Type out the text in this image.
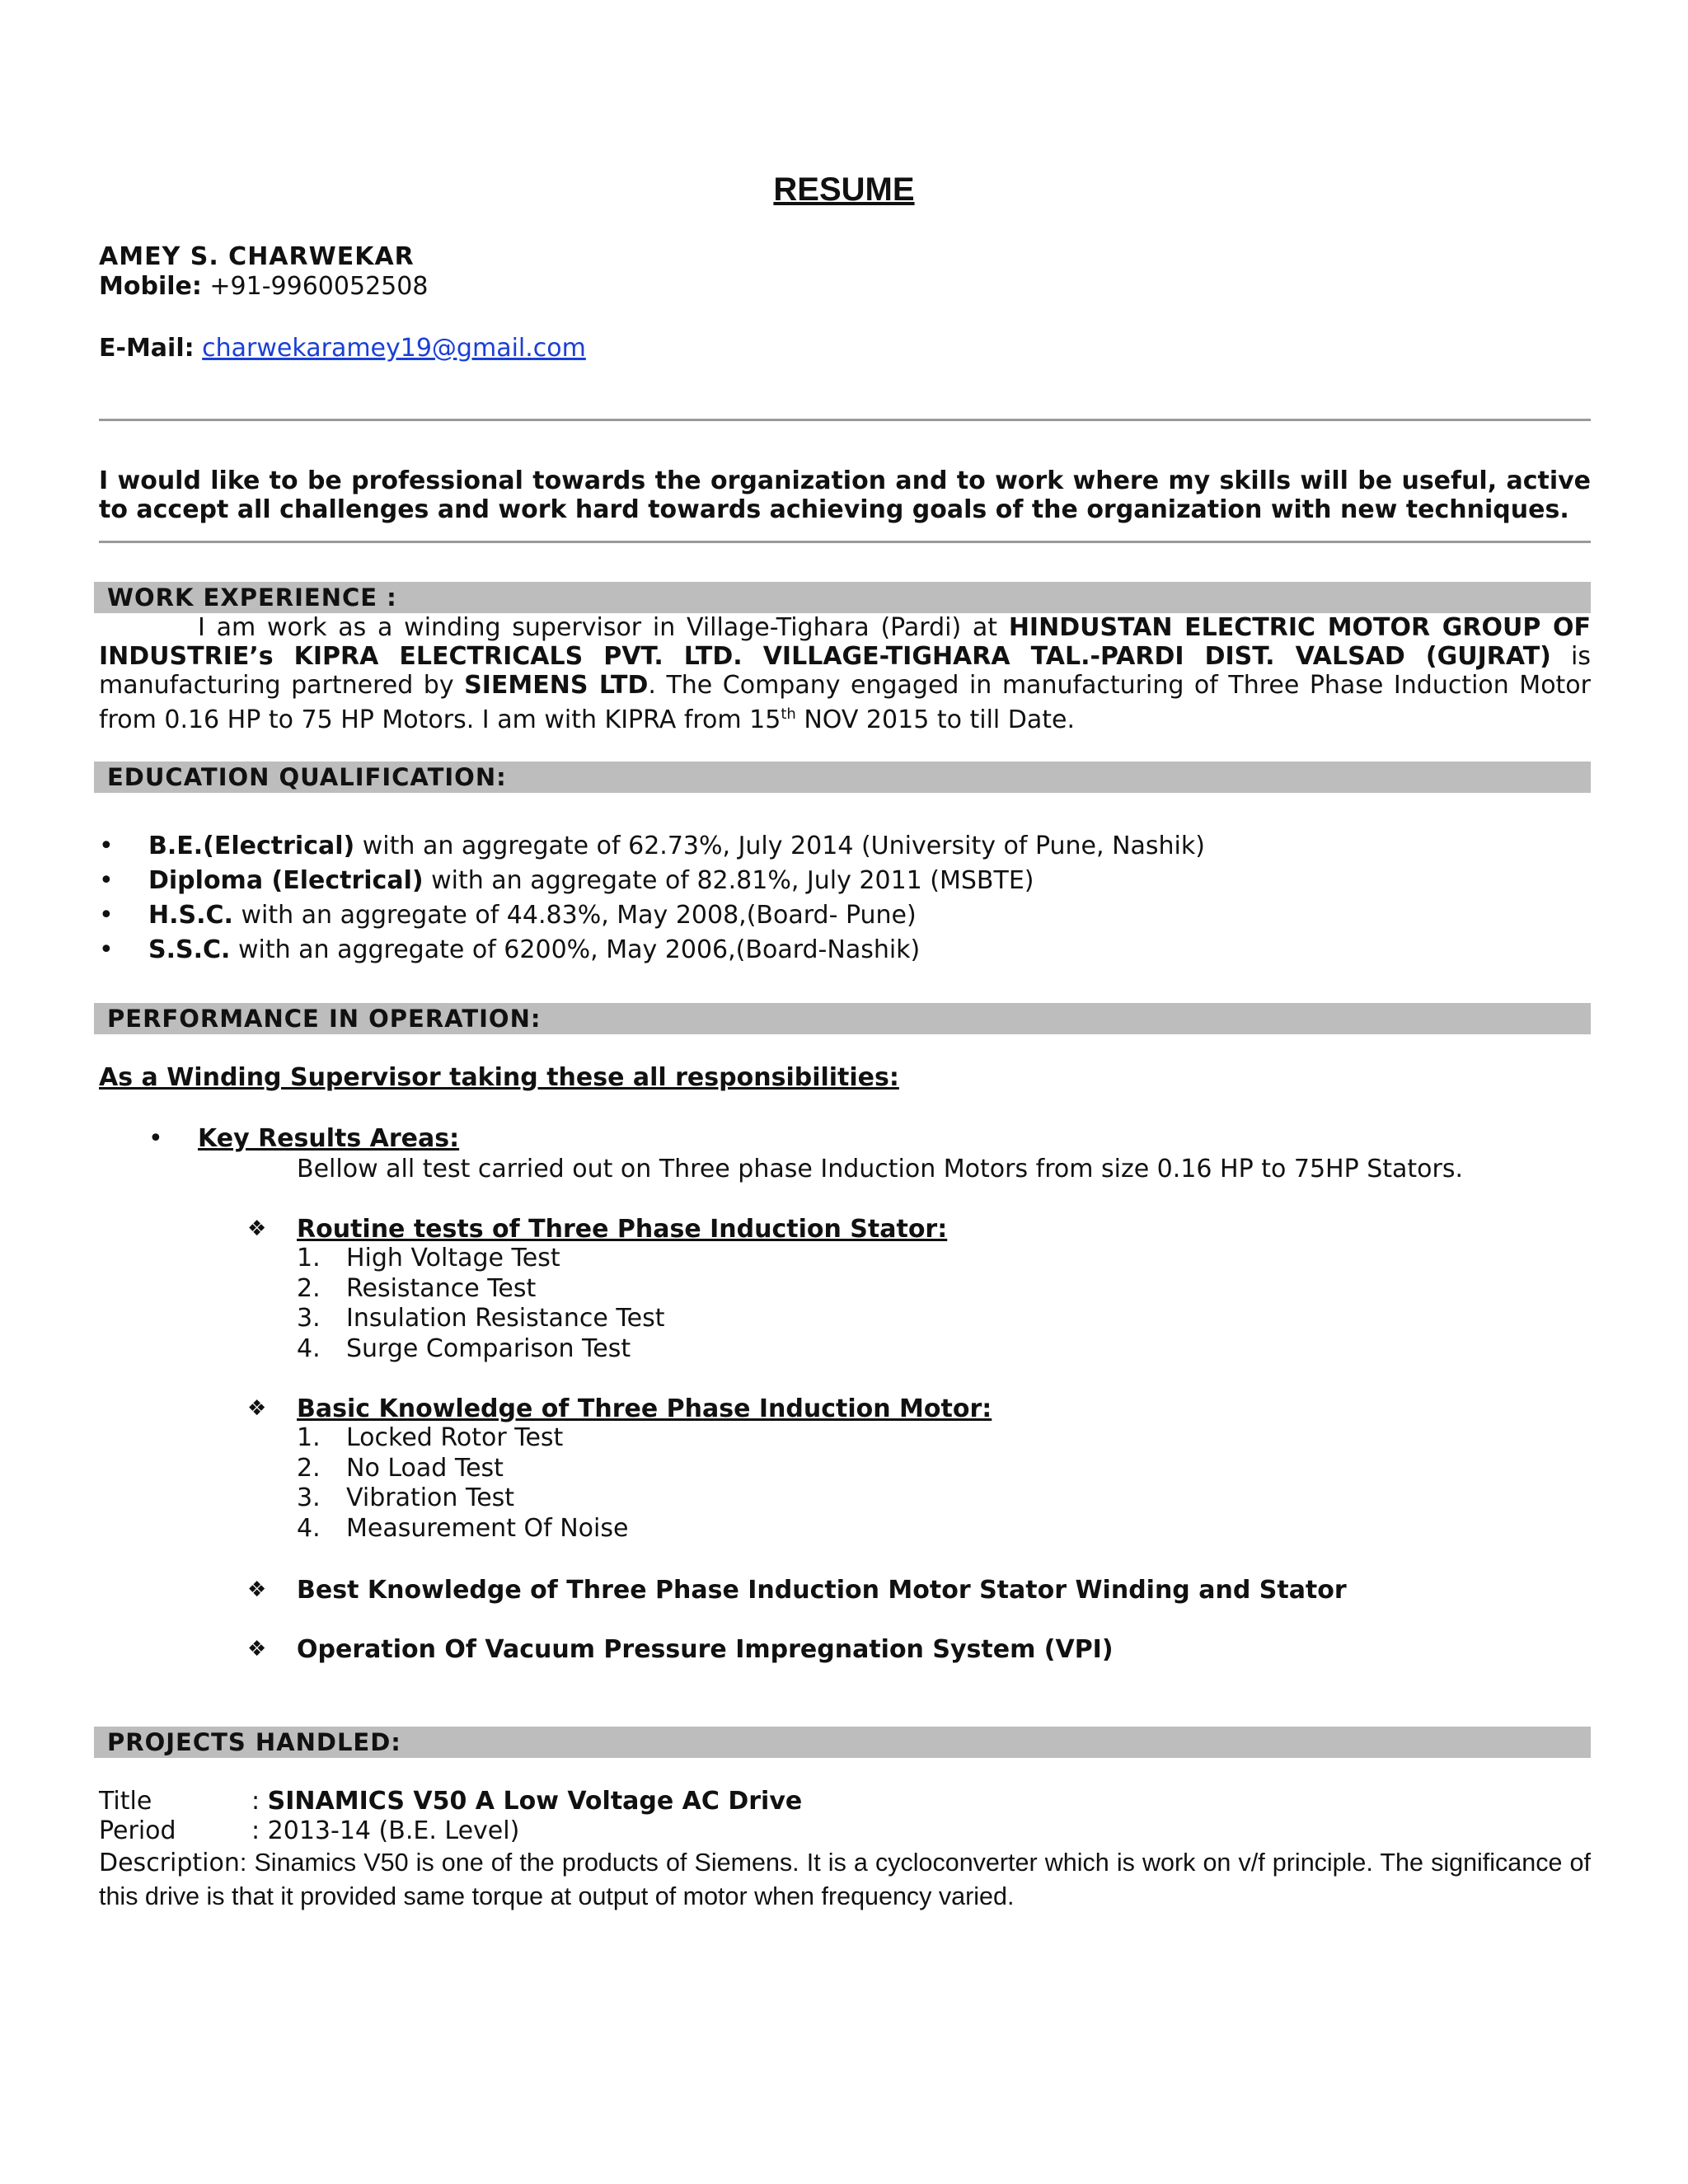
RESUME
AMEY S. CHARWEKAR
Mobile: +91-9960052508
E-Mail: charwekaramey19@gmail.com
I would like to be professional towards the organization and to work where my skills will be useful, active to accept all challenges and work hard towards achieving goals of the organization with new techniques.
WORK EXPERIENCE :
I am work as a winding supervisor in Village-Tighara (Pardi) at HINDUSTAN ELECTRIC MOTOR GROUP OF INDUSTRIE’s KIPRA ELECTRICALS PVT. LTD. VILLAGE-TIGHARA TAL.-PARDI DIST. VALSAD (GUJRAT) is manufacturing partnered by SIEMENS LTD. The Company engaged in manufacturing of Three Phase Induction Motor from 0.16 HP to 75 HP Motors. I am with KIPRA from 15th NOV 2015 to till Date.
EDUCATION QUALIFICATION:
• B.E.(Electrical) with an aggregate of 62.73%, July 2014 (University of Pune, Nashik)
• Diploma (Electrical) with an aggregate of 82.81%, July 2011 (MSBTE)
• H.S.C. with an aggregate of 44.83%, May 2008,(Board- Pune)
• S.S.C. with an aggregate of 6200%, May 2006,(Board-Nashik)
PERFORMANCE IN OPERATION:
As a Winding Supervisor taking these all responsibilities:
• Key Results Areas:
Bellow all test carried out on Three phase Induction Motors from size 0.16 HP to 75HP Stators.
❖ Routine tests of Three Phase Induction Stator:
1. High Voltage Test
2. Resistance Test
3. Insulation Resistance Test
4. Surge Comparison Test
❖ Basic Knowledge of Three Phase Induction Motor:
1. Locked Rotor Test
2. No Load Test
3. Vibration Test
4. Measurement Of Noise
❖ Best Knowledge of Three Phase Induction Motor Stator Winding and Stator
❖ Operation Of Vacuum Pressure Impregnation System (VPI)
PROJECTS HANDLED:
Title	: SINAMICS V50 A Low Voltage AC Drive
Period	: 2013-14 (B.E. Level)
Description: Sinamics V50 is one of the products of Siemens. It is a cycloconverter which is work on v/f principle. The significance of this drive is that it provided same torque at output of motor when frequency varied.
